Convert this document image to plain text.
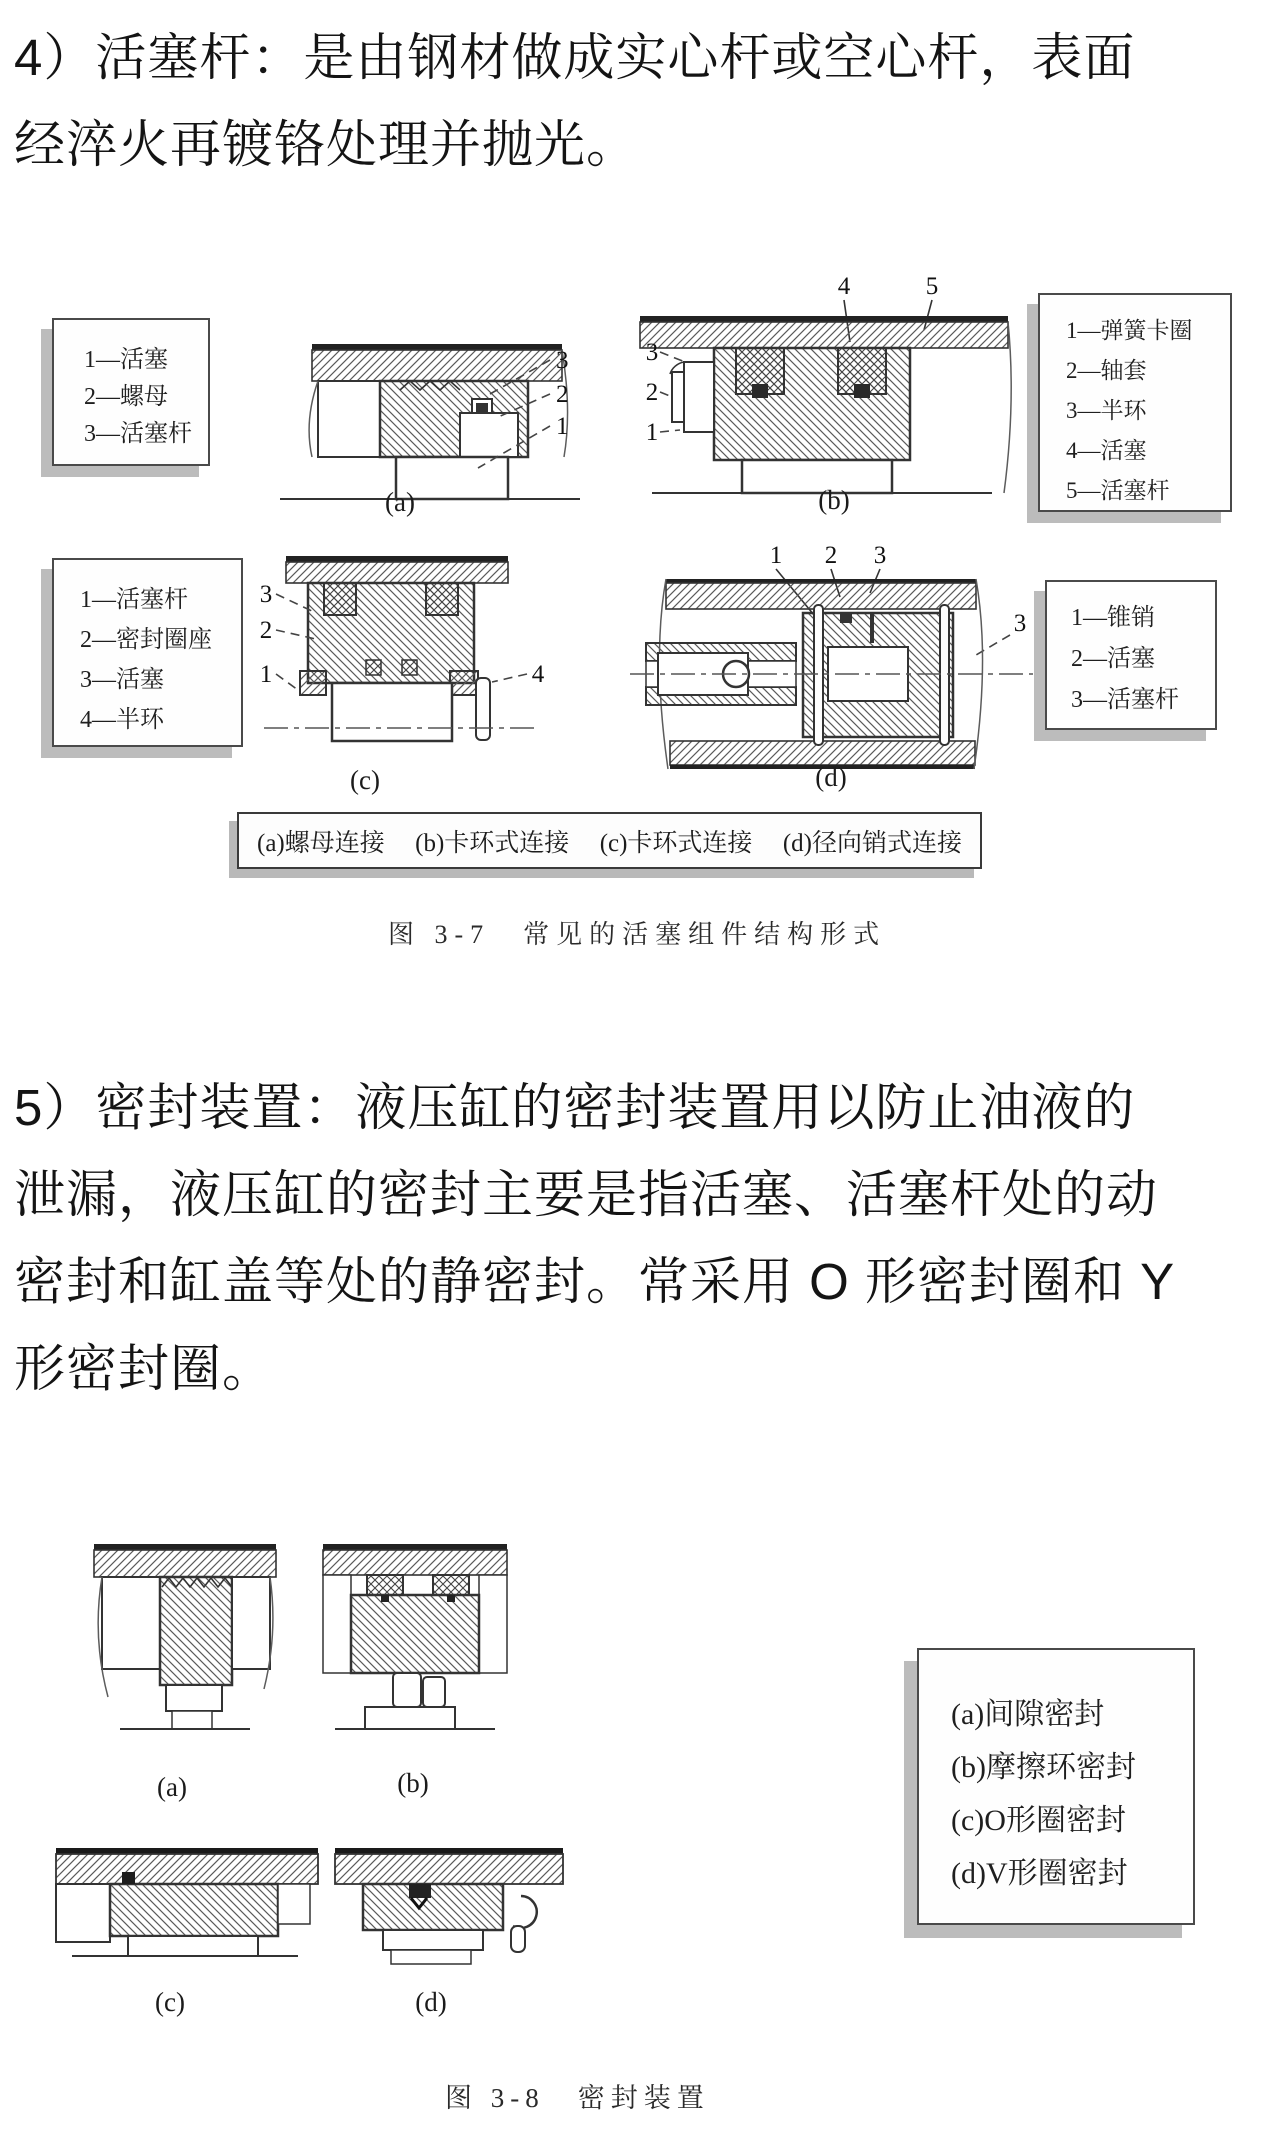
4）活塞杆：是由钢材做成实心杆或空心杆，表面
经淬火再镀铬处理并抛光。
1—活塞
2—螺母
3—活塞杆
1—弹簧卡圈
2—轴套
3—半环
4—活塞
5—活塞杆
1—活塞杆
2—密封圈座
3—活塞
4—半环
1—锥销
2—活塞
3—活塞杆
3
2
1
(a)
4	5
3
2
1
(b)
3
2
1	4
(c)
1 2 3
3
(d)
(a)螺母连接 (b)卡环式连接 (c)卡环式连接 (d)径向销式连接
图 3-7　常见的活塞组件结构形式
5）密封装置：液压缸的密封装置用以防止油液的
泄漏，液压缸的密封主要是指活塞、活塞杆处的动
密封和缸盖等处的静密封。常采用 O 形密封圈和 Y
形密封圈。
(a)	(b)
(a)间隙密封
(b)摩擦环密封
(c)O形圈密封
(d)V形圈密封
(c)	(d)
图 3-8　密封装置
